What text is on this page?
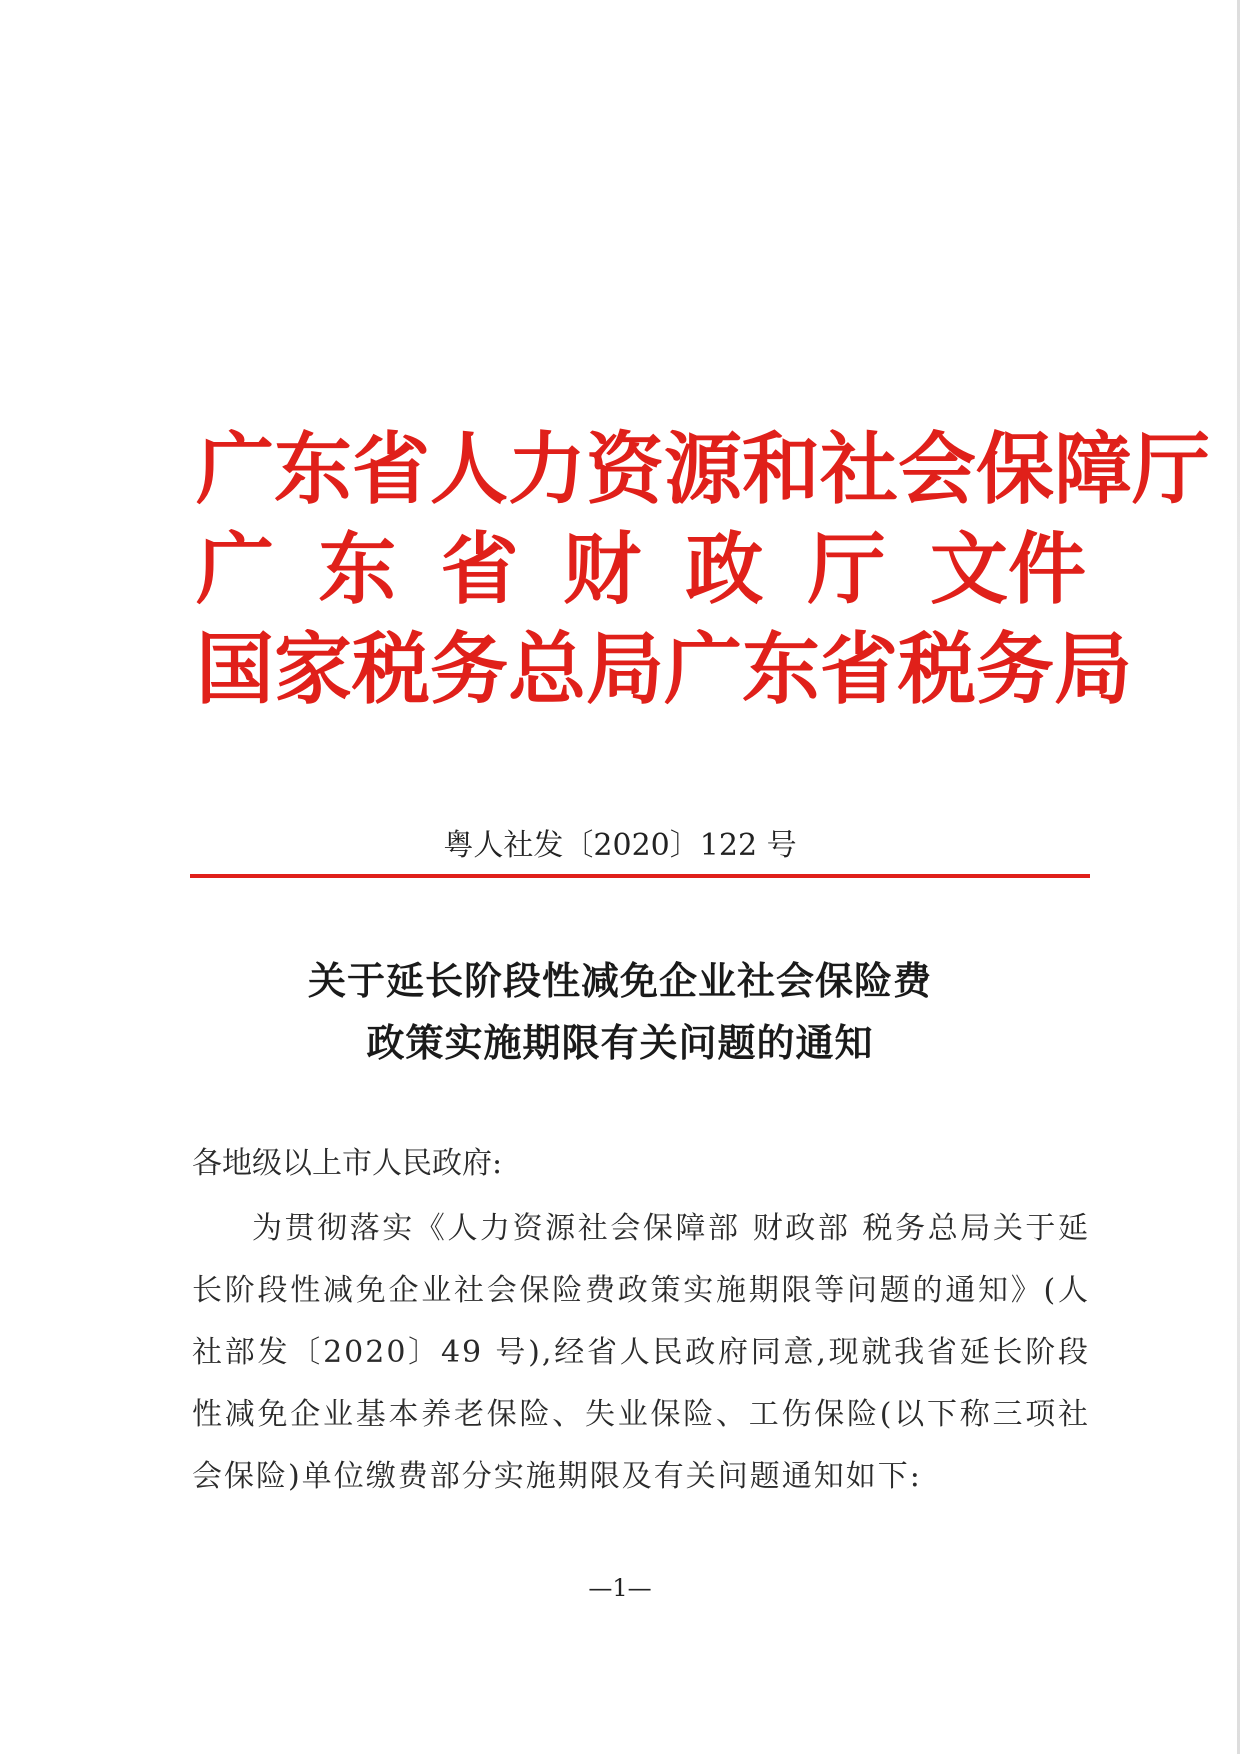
广东省人力资源和社会保障厅
广 东 省 财 政 厅 文件
国家税务总局广东省税务局
粤人社发〔2020〕122 号
关于延长阶段性减免企业社会保险费
政策实施期限有关问题的通知
各地级以上市人民政府:
为贯彻落实《人力资源社会保障部 财政部 税务总局关于延长阶段性减免企业社会保险费政策实施期限等问题的通知》(人社部发〔2020〕49 号),经省人民政府同意,现就我省延长阶段性减免企业基本养老保险、失业保险、工伤保险(以下称三项社会保险)单位缴费部分实施期限及有关问题通知如下:
—1—
